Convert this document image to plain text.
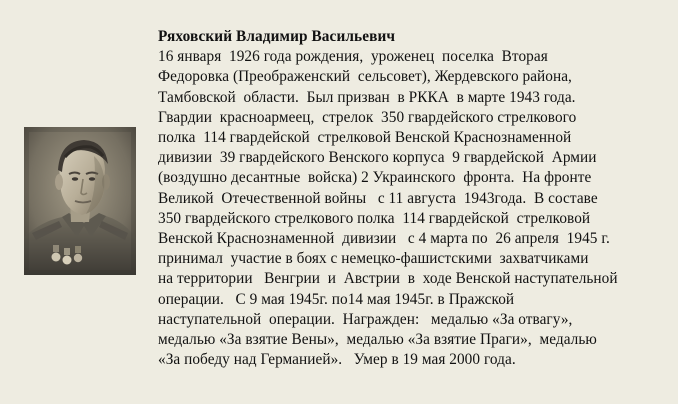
Ряховский Владимир Васильевич
16 января  1926 года рождения,  уроженец  поселка  Вторая
Федоровка (Преображенский  сельсовет), Жердевского района,
Тамбовской  области.  Был призван  в РККА  в марте 1943 года.
Гвардии  красноармеец,  стрелок  350 гвардейского стрелкового
полка  114 гвардейской  стрелковой Венской Краснознаменной
дивизии  39 гвардейского Венского корпуса  9 гвардейской  Армии
(воздушно десантные  войска) 2 Украинского  фронта.  На фронте
Великой  Отечественной войны   с 11 августа  1943года.  В составе
350 гвардейского стрелкового полка  114 гвардейской  стрелковой
Венской Краснознаменной  дивизии   с 4 марта по  26 апреля  1945 г.
принимал  участие в боях с немецко-фашистскими  захватчиками
на территории   Венгрии  и  Австрии  в  ходе Венской наступательной
операции.   С 9 мая 1945г. по14 мая 1945г. в Пражской
наступательной  операции.  Награжден:   медалью «За отвагу»,
медалью «За взятие Вены»,  медалью «За взятие Праги»,  медалью
«За победу над Германией».   Умер в 19 мая 2000 года.
